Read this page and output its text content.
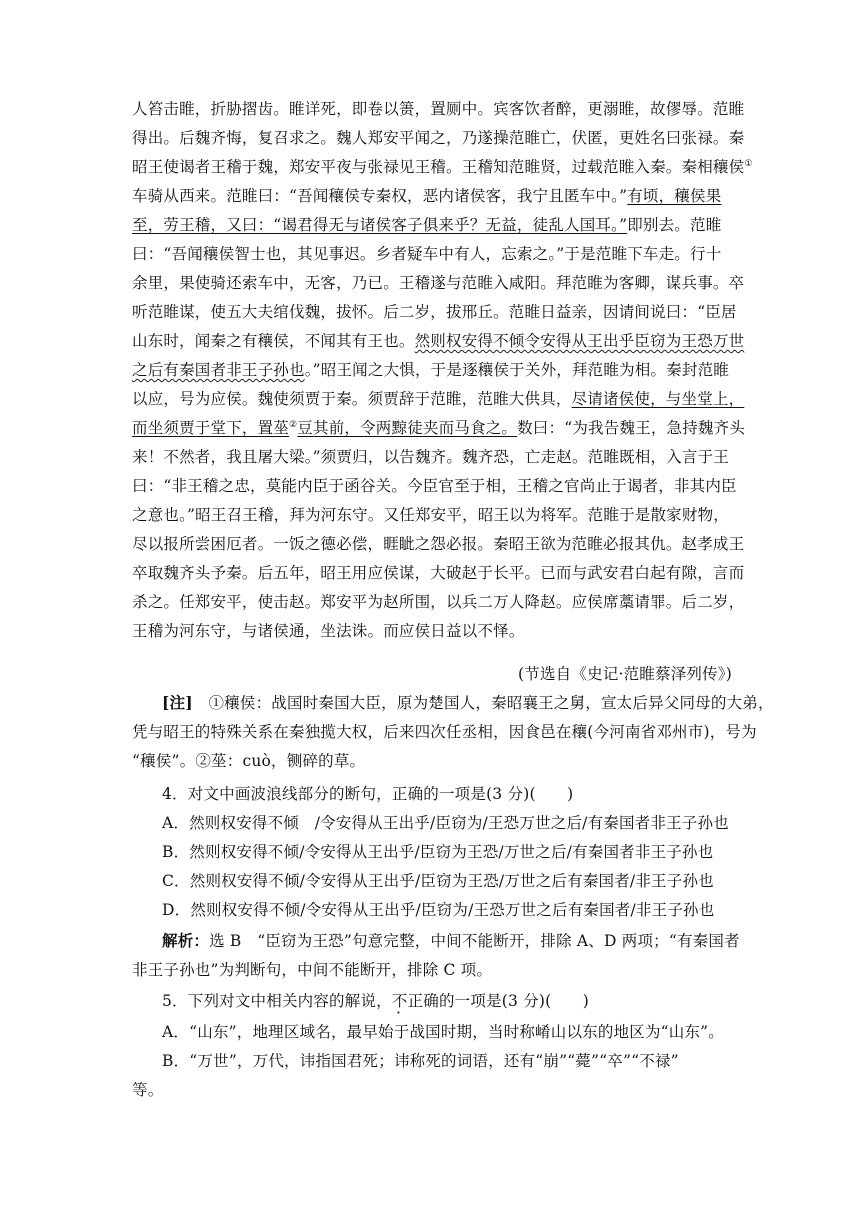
人笞击睢，折胁摺齿。睢详死，即卷以箦，置厕中。宾客饮者醉，更溺睢，故僇辱。范睢
得出。后魏齐悔，复召求之。魏人郑安平闻之，乃遂操范睢亡，伏匿，更姓名曰张禄。秦
昭王使谒者王稽于魏，郑安平夜与张禄见王稽。王稽知范睢贤，过载范睢入秦。秦相穰侯①
车骑从西来。范睢曰：“吾闻穰侯专秦权，恶内诸侯客，我宁且匿车中。”有顷，穰侯果
至，劳王稽，又曰：“谒君得无与诸侯客子俱来乎？无益，徒乱人国耳。”即别去。范睢
曰：“吾闻穰侯智士也，其见事迟。乡者疑车中有人，忘索之。”于是范睢下车走。行十
余里，果使骑还索车中，无客，乃已。王稽遂与范睢入咸阳。拜范睢为客卿，谋兵事。卒
听范睢谋，使五大夫绾伐魏，拔怀。后二岁，拔邢丘。范睢日益亲，因请间说曰：“臣居
山东时，闻秦之有穰侯，不闻其有王也。然则权安得不倾令安得从王出乎臣窃为王恐万世
之后有秦国者非王子孙也。”昭王闻之大惧，于是逐穰侯于关外，拜范睢为相。秦封范睢
以应，号为应侯。魏使须贾于秦。须贾辞于范睢，范睢大供具，尽请诸侯使，与坐堂上，
而坐须贾于堂下，置莝②豆其前，令两黥徒夹而马食之。数曰：“为我告魏王，急持魏齐头
来！不然者，我且屠大梁。”须贾归，以告魏齐。魏齐恐，亡走赵。范睢既相，入言于王
曰：“非王稽之忠，莫能内臣于函谷关。今臣官至于相，王稽之官尚止于谒者，非其内臣
之意也。”昭王召王稽，拜为河东守。又任郑安平，昭王以为将军。范睢于是散家财物，
尽以报所尝困厄者。一饭之德必偿，睚眦之怨必报。秦昭王欲为范睢必报其仇。赵孝成王
卒取魏齐头予秦。后五年，昭王用应侯谋，大破赵于长平。已而与武安君白起有隙，言而
杀之。任郑安平，使击赵。郑安平为赵所围，以兵二万人降赵。应侯席藁请罪。后二岁，
王稽为河东守，与诸侯通，坐法诛。而应侯日益以不怿。
(节选自《史记·范睢蔡泽列传》)
[注]　①穰侯：战国时秦国大臣，原为楚国人，秦昭襄王之舅，宣太后异父同母的大弟，
凭与昭王的特殊关系在秦独揽大权，后来四次任丞相，因食邑在穰(今河南省邓州市)，号为
“穰侯”。②莝：cuò，铡碎的草。
4．对文中画波浪线部分的断句，正确的一项是(3 分)(　　)
A．然则权安得不倾　/令安得从王出乎/臣窃为/王恐万世之后/有秦国者非王子孙也
B．然则权安得不倾/令安得从王出乎/臣窃为王恐/万世之后/有秦国者非王子孙也
C．然则权安得不倾/令安得从王出乎/臣窃为王恐/万世之后有秦国者/非王子孙也
D．然则权安得不倾/令安得从王出乎/臣窃为/王恐万世之后有秦国者/非王子孙也
解析：选 B　“臣窃为王恐”句意完整，中间不能断开，排除 A、D 两项；“有秦国者
非王子孙也”为判断句，中间不能断开，排除 C 项。
5．下列对文中相关内容的解说，不正确的一项是(3 分)(　　)
A．“山东”，地理区域名，最早始于战国时期，当时称崤山以东的地区为“山东”。
B．“万世”，万代，讳指国君死；讳称死的词语，还有“崩”“薨”“卒”“不禄”
等。
